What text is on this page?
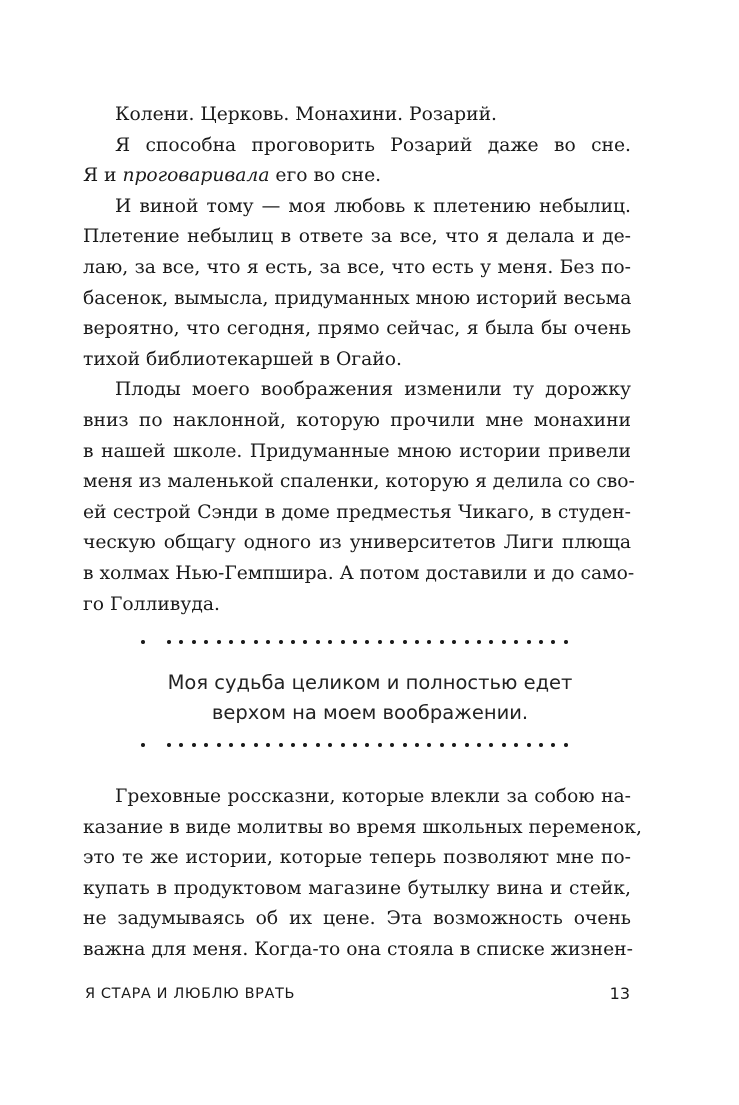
Колени. Церковь. Монахини. Розарий.
Я способна проговорить Розарий даже во сне.
Я и проговаривала его во сне.
И виной тому — моя любовь к плетению небылиц.
Плетение небылиц в ответе за все, что я делала и де-
лаю, за все, что я есть, за все, что есть у меня. Без по-
басенок, вымысла, придуманных мною историй весьма
вероятно, что сегодня, прямо сейчас, я была бы очень
тихой библиотекаршей в Огайо.
Плоды моего воображения изменили ту дорожку
вниз по наклонной, которую прочили мне монахини
в нашей школе. Придуманные мною истории привели
меня из маленькой спаленки, которую я делила со сво-
ей сестрой Сэнди в доме предместья Чикаго, в студен-
ческую общагу одного из университетов Лиги плюща
в холмах Нью-Гемпшира. А потом доставили и до само-
го Голливуда.
Моя судьба целиком и полностью едет
верхом на моем воображении.
Греховные россказни, которые влекли за собою на-
казание в виде молитвы во время школьных переменок,
это те же истории, которые теперь позволяют мне по-
купать в продуктовом магазине бутылку вина и стейк,
не задумываясь об их цене. Эта возможность очень
важна для меня. Когда-то она стояла в списке жизнен-
Я СТАРА И ЛЮБЛЮ ВРАТЬ	13
